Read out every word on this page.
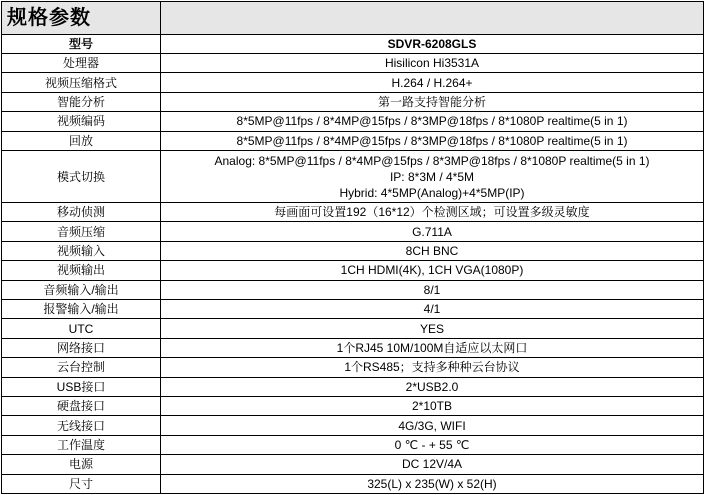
规格参数	
型号	SDVR-6208GLS
处理器	Hisilicon Hi3531A
视频压缩格式	H.264 / H.264+
智能分析	第一路支持智能分析
视频编码	8*5MP@11fps / 8*4MP@15fps / 8*3MP@18fps / 8*1080P realtime(5 in 1)
回放	8*5MP@11fps / 8*4MP@15fps / 8*3MP@18fps / 8*1080P realtime(5 in 1)
模式切换	Analog: 8*5MP@11fps / 8*4MP@15fps / 8*3MP@18fps / 8*1080P realtime(5 in 1)
IP: 8*3M / 4*5M
Hybrid: 4*5MP(Analog)+4*5MP(IP)

移动侦测	每画面可设置192（16*12）个检测区域；可设置多级灵敏度
音频压缩	G.711A
视频输入	8CH BNC
视频输出	1CH HDMI(4K), 1CH VGA(1080P)
音频输入/输出	8/1
报警输入/输出	4/1
UTC	YES
网络接口	1个RJ45 10M/100M自适应以太网口
云台控制	1个RS485；支持多种种云台协议
USB接口	2*USB2.0
硬盘接口	2*10TB
无线接口	4G/3G, WIFI
工作温度	0 ℃ - + 55 ℃
电源	DC 12V/4A
尺寸	325(L) x 235(W) x 52(H)
